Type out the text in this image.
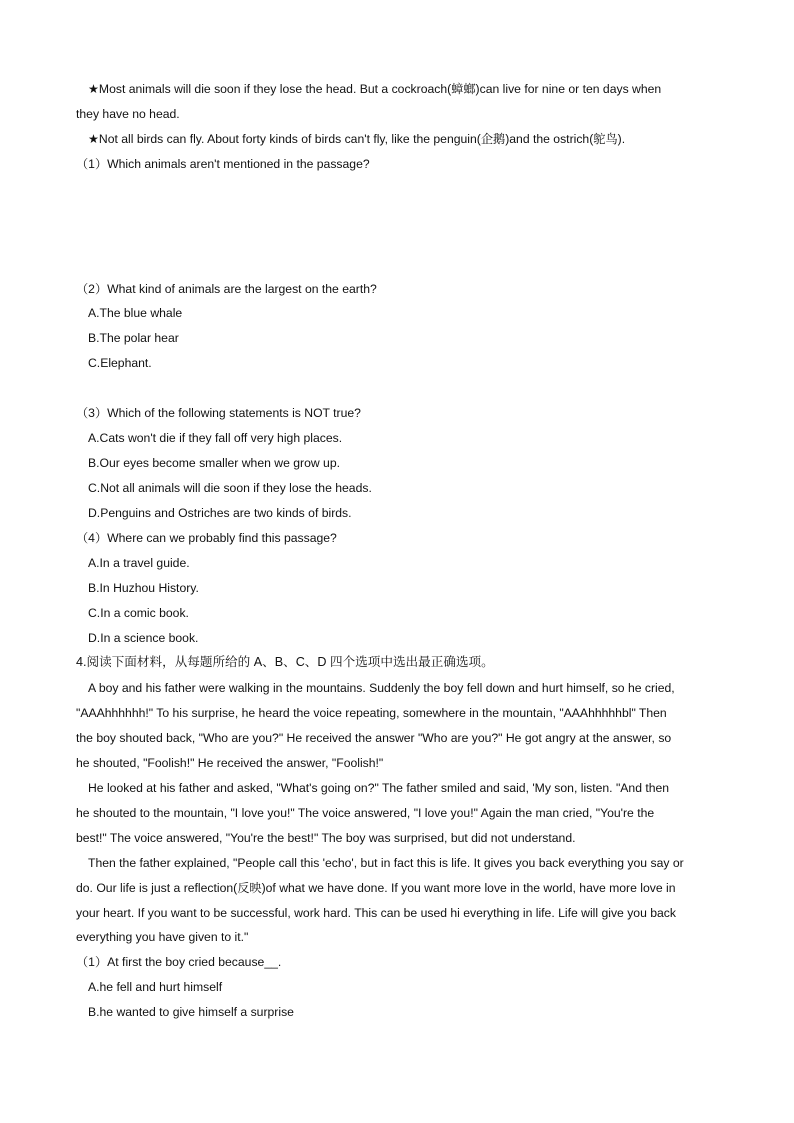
★Most animals will die soon if they lose the head. But a cockroach(蟑螂)can live for nine or ten days when
they have no head.
★Not all birds can fly. About forty kinds of birds can't fly, like the penguin(企鹅)and the ostrich(鸵鸟).
（1）Which animals aren't mentioned in the passage?
（2）What kind of animals are the largest on the earth?
A.The blue whale
B.The polar hear
C.Elephant.
（3）Which of the following statements is NOT true?
A.Cats won't die if they fall off very high places.
B.Our eyes become smaller when we grow up.
C.Not all animals will die soon if they lose the heads.
D.Penguins and Ostriches are two kinds of birds.
（4）Where can we probably find this passage?
A.In a travel guide.
B.In Huzhou History.
C.In a comic book.
D.In a science book.
4.阅读下面材料，从每题所给的 A、B、C、D 四个选项中选出最正确选项。
A boy and his father were walking in the mountains. Suddenly the boy fell down and hurt himself, so he cried,
"AAAhhhhhh!" To his surprise, he heard the voice repeating, somewhere in the mountain, "AAAhhhhhbl" Then
the boy shouted back, "Who are you?" He received the answer "Who are you?" He got angry at the answer, so
he shouted, "Foolish!" He received the answer, "Foolish!"
He looked at his father and asked, "What's going on?" The father smiled and said, 'My son, listen. "And then
he shouted to the mountain, "I love you!" The voice answered, "I love you!" Again the man cried, "You're the
best!" The voice answered, "You're the best!" The boy was surprised, but did not understand.
Then the father explained, "People call this 'echo', but in fact this is life. It gives you back everything you say or
do. Our life is just a reflection(反映)of what we have done. If you want more love in the world, have more love in
your heart. If you want to be successful, work hard. This can be used hi everything in life. Life will give you back
everything you have given to it."
（1）At first the boy cried because__.
A.he fell and hurt himself
B.he wanted to give himself a surprise
